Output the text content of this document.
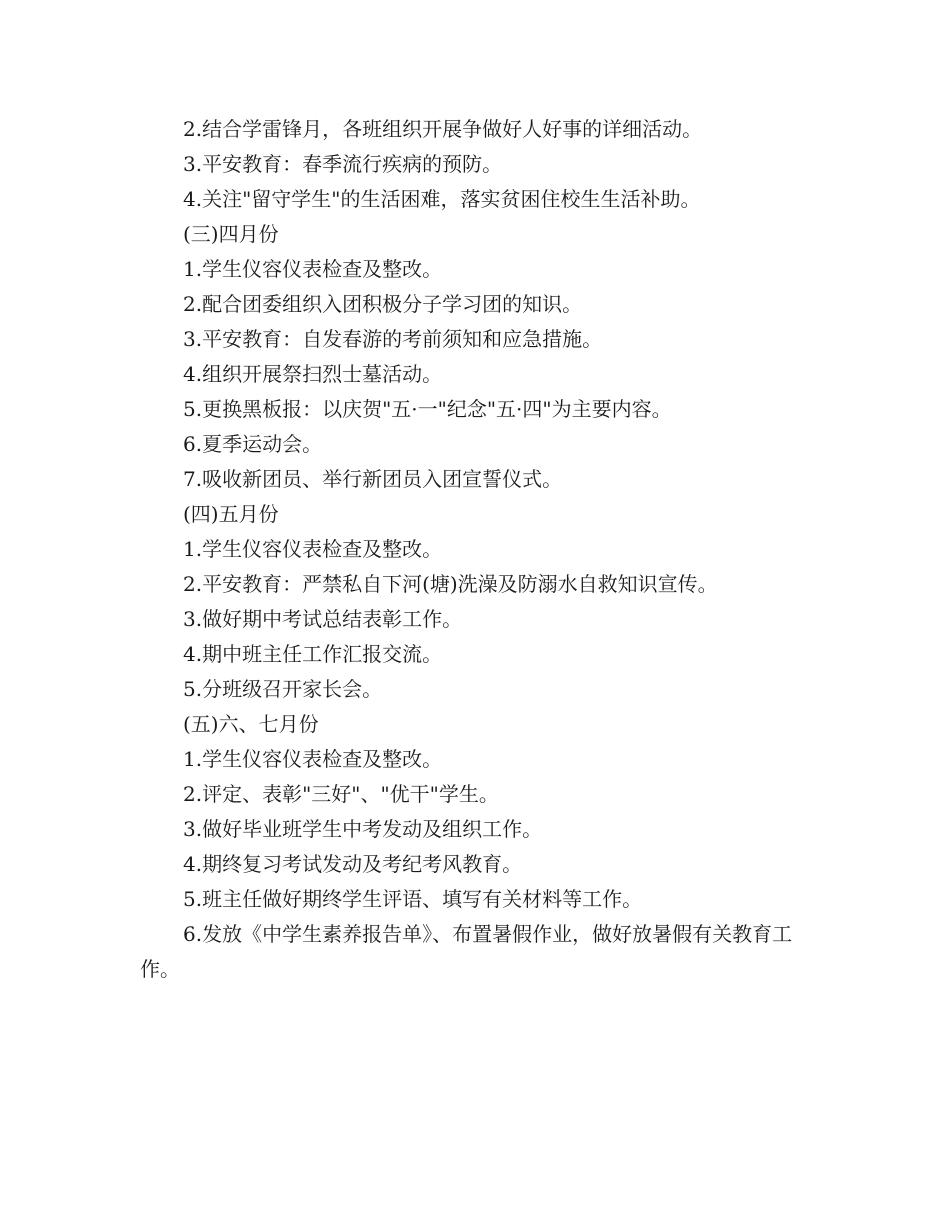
2.结合学雷锋月，各班组织开展争做好人好事的详细活动。
3.平安教育：春季流行疾病的预防。
4.关注"留守学生"的生活困难，落实贫困住校生生活补助。
(三)四月份
1.学生仪容仪表检查及整改。
2.配合团委组织入团积极分子学习团的知识。
3.平安教育：自发春游的考前须知和应急措施。
4.组织开展祭扫烈士墓活动。
5.更换黑板报：以庆贺"五·一"纪念"五·四"为主要内容。
6.夏季运动会。
7.吸收新团员、举行新团员入团宣誓仪式。
(四)五月份
1.学生仪容仪表检查及整改。
2.平安教育：严禁私自下河(塘)洗澡及防溺水自救知识宣传。
3.做好期中考试总结表彰工作。
4.期中班主任工作汇报交流。
5.分班级召开家长会。
(五)六、七月份
1.学生仪容仪表检查及整改。
2.评定、表彰"三好"、"优干"学生。
3.做好毕业班学生中考发动及组织工作。
4.期终复习考试发动及考纪考风教育。
5.班主任做好期终学生评语、填写有关材料等工作。
6.发放《中学生素养报告单》、布置暑假作业，做好放暑假有关教育工作。
